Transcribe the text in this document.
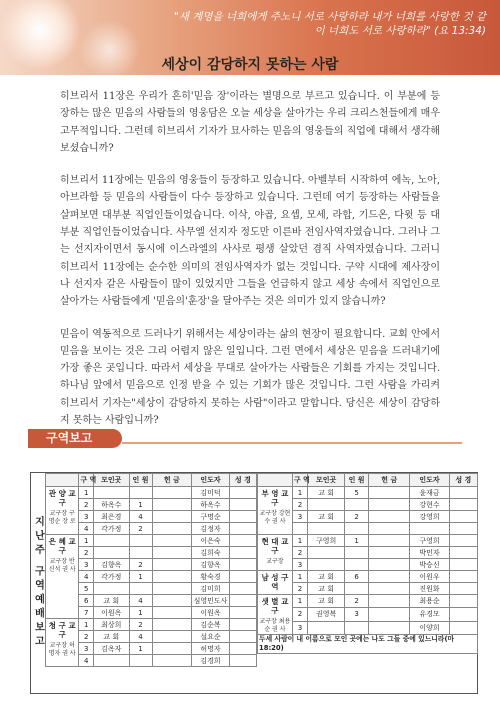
"새 계명을 너희에게 주노니 서로 사랑하라 내가 너희를 사랑한 것 같이 너희도 서로 사랑하라" (요 13:34)
세상이 감당하지 못하는 사람

히브리서 11장은 우리가 흔히'믿음 장'이라는 별명으로 부르고 있습니다. 이 부분에 등장하는 많은 믿음의 사람들의 영웅담은 오늘 세상을 살아가는 우리 크리스천들에게 매우 고무적입니다. 그런데 히브리서 기자가 묘사하는 믿음의 영웅들의 직업에 대해서 생각해 보셨습니까?

히브리서 11장에는 믿음의 영웅들이 등장하고 있습니다. 아벨부터 시작하여 에녹, 노아, 아브라함 등 믿음의 사람들이 다수 등장하고 있습니다. 그런데 여기 등장하는 사람들을 살펴보면 대부분 직업인들이었습니다. 이삭, 야곱, 요셉, 모세, 라합, 기드온, 다윗 등 대부분 직업인들이었습니다. 사무엘 선지자 정도만 이른바 전임사역자였습니다. 그러나 그는 선지자이면서 동시에 이스라엘의 사사로 평생 살았던 겸직 사역자였습니다. 그러니 히브리서 11장에는 순수한 의미의 전임사역자가 없는 것입니다. 구약 시대에 제사장이나 선지자 같은 사람들이 많이 있었지만 그들을 언급하지 않고 세상 속에서 직업인으로 살아가는 사람들에게 '믿음의'훈장'을 달아주는 것은 의미가 있지 않습니까?

믿음이 역동적으로 드러나기 위해서는 세상이라는 삶의 현장이 필요합니다. 교회 안에서 믿음을 보이는 것은 그리 어렵지 않은 일입니다. 그런 면에서 세상은 믿음을 드러내기에 가장 좋은 곳입니다. 따라서 세상을 무대로 살아가는 사람들은 기회를 가지는 것입니다. 하나님 앞에서 믿음으로 인정 받을 수 있는 기회가 많은 것입니다. 그런 사람을 가리켜 히브리서 기자는"세상이 감당하지 못하는 사람"이라고 말합니다. 당신은 세상이 감당하지 못하는 사람입니까?

구역보고
지난주 구역예배보고
	구 역	모인곳	인 원	헌 금	인도자	성 경
관 양 교 구
교구장 구명순 장 로	1				김미덕	
	2	하옥수	1		하옥수	
	3	최은경	4		구명순	
	4	각가정	2		김정자	
은 혜 교 구
교구장 반신석 권 사	1				이은숙	
	2				김희숙	
	3	김향옥	2		김향옥	
	4	각가정	1		황숙경	
	5				김미희	
	6	교 회	4		심영민도사	
	7	이원옥	1		이원옥	
청 구 교 구
교구장 허명자 권 사	1	최상희	2		김순복	
	2	교 회	4		설요순	
	3	김옥자	1		허명자	
	4				김경희	
	구 역	모인곳	인 원	헌 금	인도자	성 경
부 영 교 구
교구장 강현수 권 사	1	교 회	5		윤재금	
	2				강현수	
	3	교 회	2		강영희	

현 대 교 구
교구장	1	구영희	1		구영희	
	2				박민자	
	3				박승신	
남 성 구 역	1	교 회	6		이원우	
	2	교 회			진원화	
샛 별 교 구
교구장 최용순 권 사	1	교 회	2		최용순	
	2	권영복	3		유경모	
	3				이양희	
두세 사람이 내 이름으로 모인 곳에는 나도 그들 중에 있느니라(마 18:20)						
